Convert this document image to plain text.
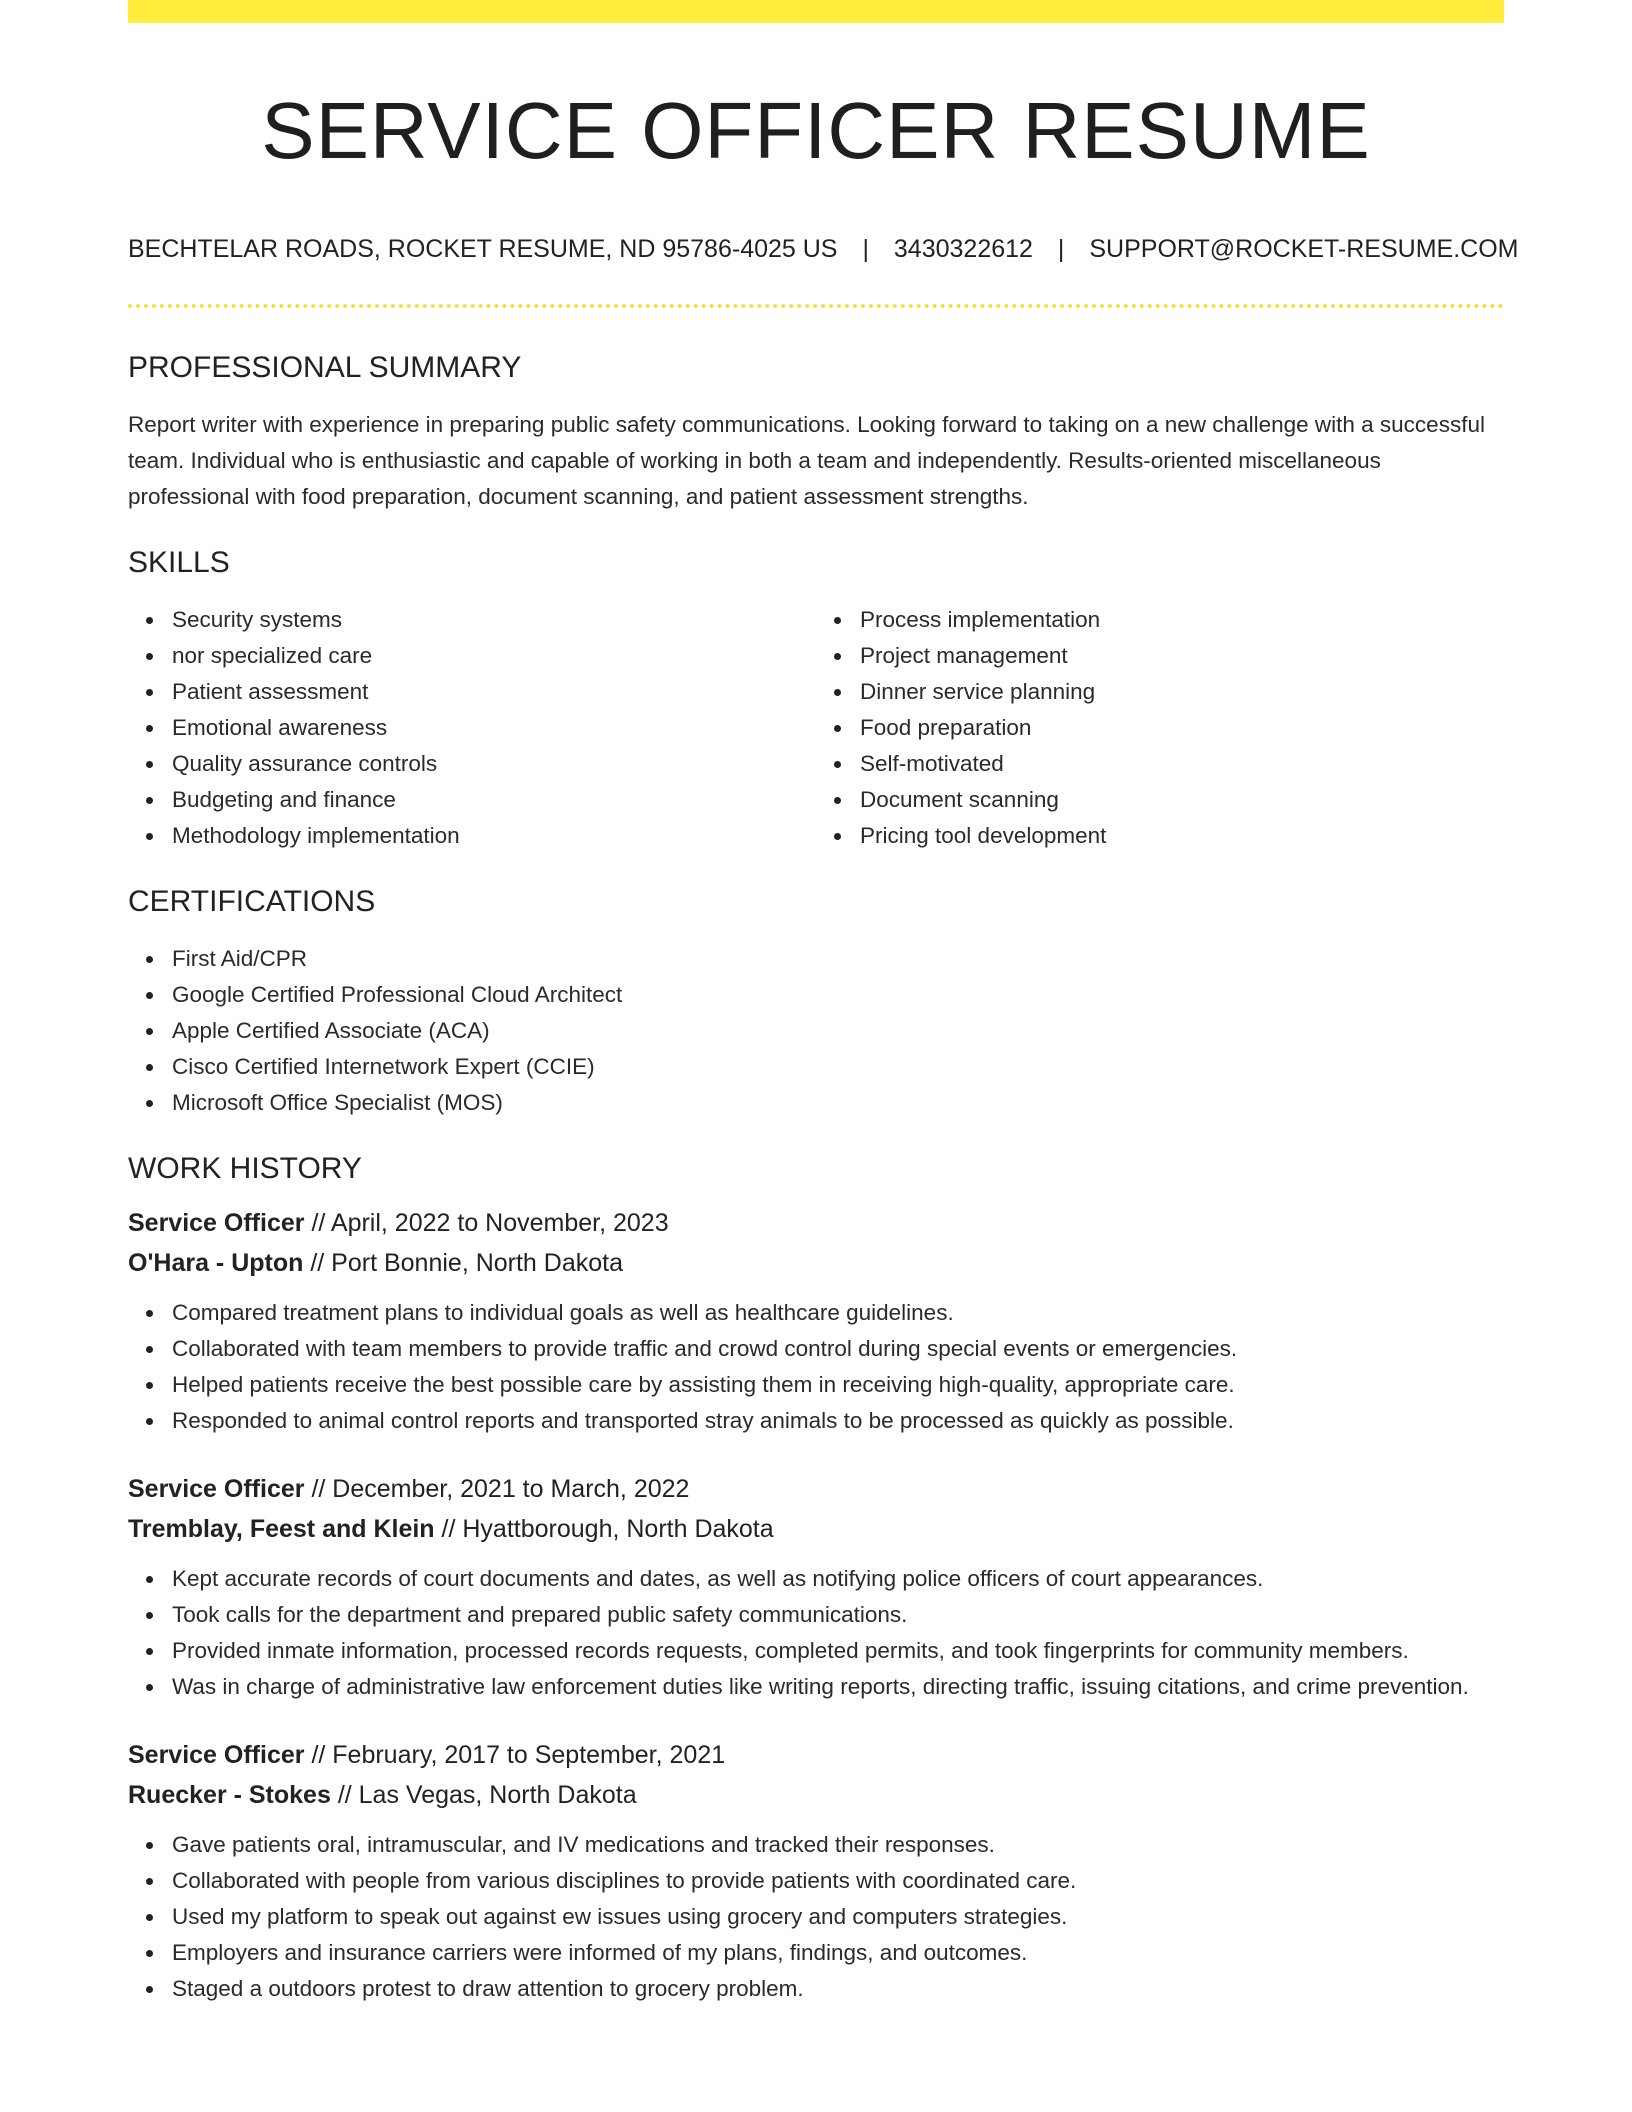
SERVICE OFFICER RESUME
BECHTELAR ROADS, ROCKET RESUME, ND 95786-4025 US | 3430322612 | SUPPORT@ROCKET-RESUME.COM
PROFESSIONAL SUMMARY

Report writer with experience in preparing public safety communications. Looking forward to taking on a new challenge with a successful team. Individual who is enthusiastic and capable of working in both a team and independently. Results-oriented miscellaneous professional with food preparation, document scanning, and patient assessment strengths.

SKILLS
Security systems
nor specialized care
Patient assessment
Emotional awareness
Quality assurance controls
Budgeting and finance
Methodology implementation
Process implementation
Project management
Dinner service planning
Food preparation
Self-motivated
Document scanning
Pricing tool development
CERTIFICATIONS
First Aid/CPR
Google Certified Professional Cloud Architect
Apple Certified Associate (ACA)
Cisco Certified Internetwork Expert (CCIE)
Microsoft Office Specialist (MOS)
WORK HISTORY
Service Officer // April, 2022 to November, 2023
O'Hara - Upton // Port Bonnie, North Dakota
Compared treatment plans to individual goals as well as healthcare guidelines.
Collaborated with team members to provide traffic and crowd control during special events or emergencies.
Helped patients receive the best possible care by assisting them in receiving high-quality, appropriate care.
Responded to animal control reports and transported stray animals to be processed as quickly as possible.
Service Officer // December, 2021 to March, 2022
Tremblay, Feest and Klein // Hyattborough, North Dakota
Kept accurate records of court documents and dates, as well as notifying police officers of court appearances.
Took calls for the department and prepared public safety communications.
Provided inmate information, processed records requests, completed permits, and took fingerprints for community members.
Was in charge of administrative law enforcement duties like writing reports, directing traffic, issuing citations, and crime prevention.
Service Officer // February, 2017 to September, 2021
Ruecker - Stokes // Las Vegas, North Dakota
Gave patients oral, intramuscular, and IV medications and tracked their responses.
Collaborated with people from various disciplines to provide patients with coordinated care.
Used my platform to speak out against ew issues using grocery and computers strategies.
Employers and insurance carriers were informed of my plans, findings, and outcomes.
Staged a outdoors protest to draw attention to grocery problem.
